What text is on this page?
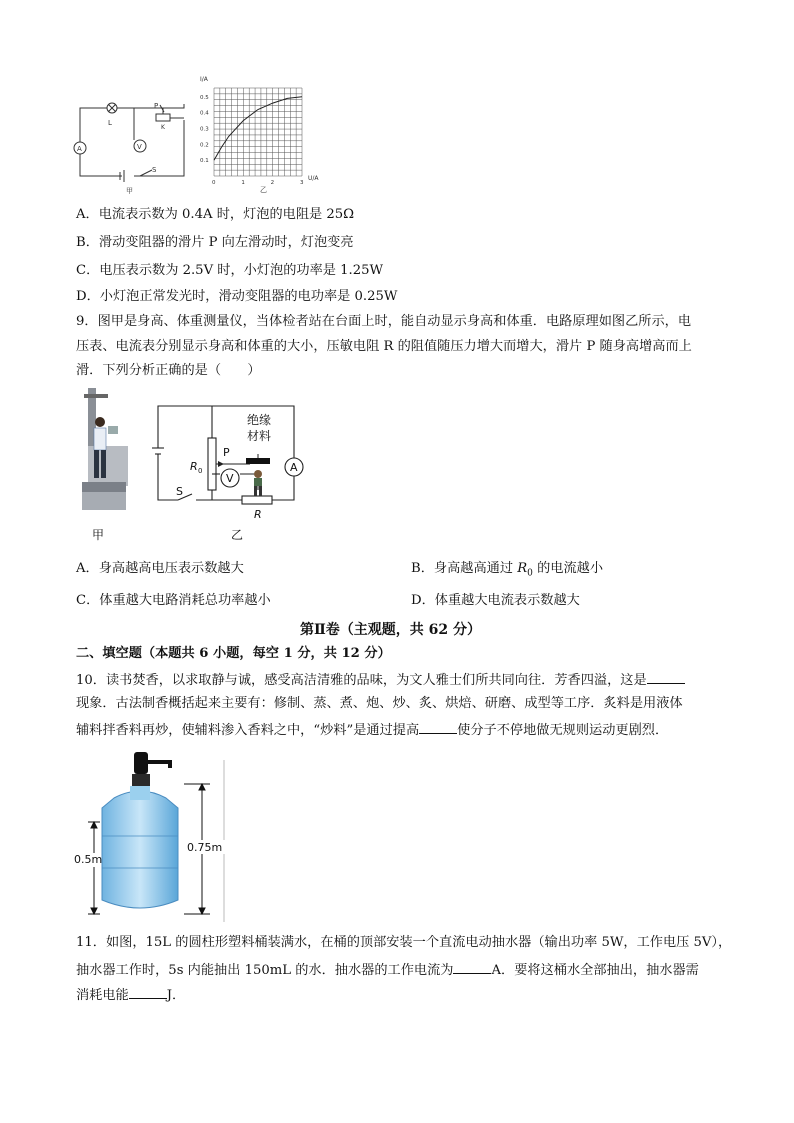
L
A	V
P
K
S
甲
I/A
U/A
0.5
0.4
0.3
0.2
0.1
0	1	2	3
乙
A．电流表示数为 0.4A 时，灯泡的电阻是 25Ω
B．滑动变阻器的滑片 P 向左滑动时，灯泡变亮
C．电压表示数为 2.5V 时，小灯泡的功率是 1.25W
D．小灯泡正常发光时，滑动变阻器的电功率是 0.25W
9．图甲是身高、体重测量仪，当体检者站在台面上时，能自动显示身高和体重．电路原理如图乙所示，电
压表、电流表分别显示身高和体重的大小，压敏电阻 R 的阻值随压力增大而增大，滑片 P 随身高增高而上
滑．下列分析正确的是（　　）
甲
绝缘
材料
P
R 0
V
A
S
R
乙
A．身高越高电压表示数越大	B．身高越高通过 $R_0$ 的电流越小
C．体重越大电路消耗总功率越小	D．体重越大电流表示数越大
第Ⅱ卷（主观题，共 62 分）
二、填空题（本题共 6 小题，每空 1 分，共 12 分）
10．读书焚香，以求取静与诚，感受高洁清雅的品味，为文人雅士们所共同向往．芳香四溢，这是
现象．古法制香概括起来主要有：修制、蒸、煮、炮、炒、炙、烘焙、研磨、成型等工序．炙料是用液体
辅料拌香料再炒，使辅料渗入香料之中，“炒料”是通过提高	使分子不停地做无规则运动更剧烈．
0.5m
0.75m
11．如图，15L 的圆柱形塑料桶装满水，在桶的顶部安装一个直流电动抽水器（输出功率 5W，工作电压 5V），
抽水器工作时，5s 内能抽出 150mL 的水．抽水器的工作电流为	A．要将这桶水全部抽出，抽水器需
消耗电能	J．
